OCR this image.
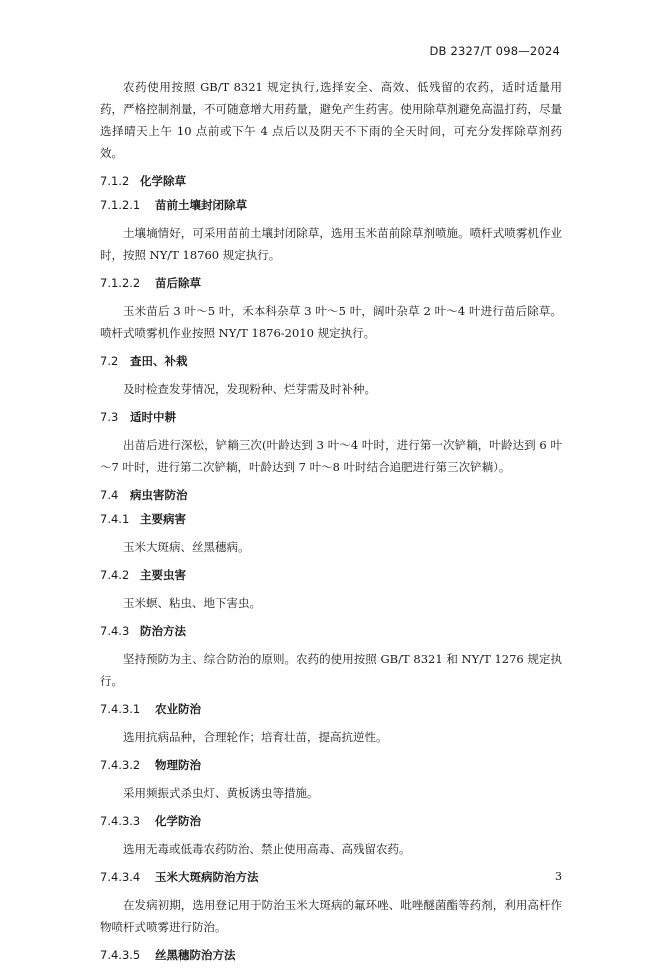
DB 2327/T 098—2024

农药使用按照 GB/T 8321 规定执行,选择安全、高效、低残留的农药，适时适量用药，严格控制剂量，不可随意增大用药量，避免产生药害。使用除草剂避免高温打药，尽量选择晴天上午 10 点前或下午 4 点后以及阴天不下雨的全天时间，可充分发挥除草剂药效。

7.1.2 化学除草
7.1.2.1 苗前土壤封闭除草

土壤墒情好，可采用苗前土壤封闭除草，选用玉米苗前除草剂喷施。喷杆式喷雾机作业时，按照 NY/T 18760 规定执行。

7.1.2.2 苗后除草

玉米苗后 3 叶～5 叶，禾本科杂草 3 叶～5 叶，阔叶杂草 2 叶～4 叶进行苗后除草。喷杆式喷雾机作业按照 NY/T 1876-2010 规定执行。

7.2 查田、补栽

及时检查发芽情况，发现粉种、烂芽需及时补种。

7.3 适时中耕

出苗后进行深松，铲耥三次(叶龄达到 3 叶～4 叶时，进行第一次铲耥，叶龄达到 6 叶～7 叶时，进行第二次铲耥，叶龄达到 7 叶～8 叶时结合追肥进行第三次铲耥）。

7.4 病虫害防治
7.4.1 主要病害

玉米大斑病、丝黑穗病。

7.4.2 主要虫害

玉米螟、粘虫、地下害虫。

7.4.3 防治方法

坚持预防为主、综合防治的原则。农药的使用按照 GB/T 8321 和 NY/T 1276 规定执行。

7.4.3.1 农业防治

选用抗病品种，合理轮作；培育壮苗，提高抗逆性。

7.4.3.2 物理防治

采用频振式杀虫灯、黄板诱虫等措施。

7.4.3.3 化学防治

选用无毒或低毒农药防治、禁止使用高毒、高残留农药。

7.4.3.4 玉米大斑病防治方法

在发病初期，选用登记用于防治玉米大斑病的氟环唑、吡唑醚菌酯等药剂，利用高杆作物喷杆式喷雾进行防治。

7.4.3.5 丝黑穗防治方法
3
